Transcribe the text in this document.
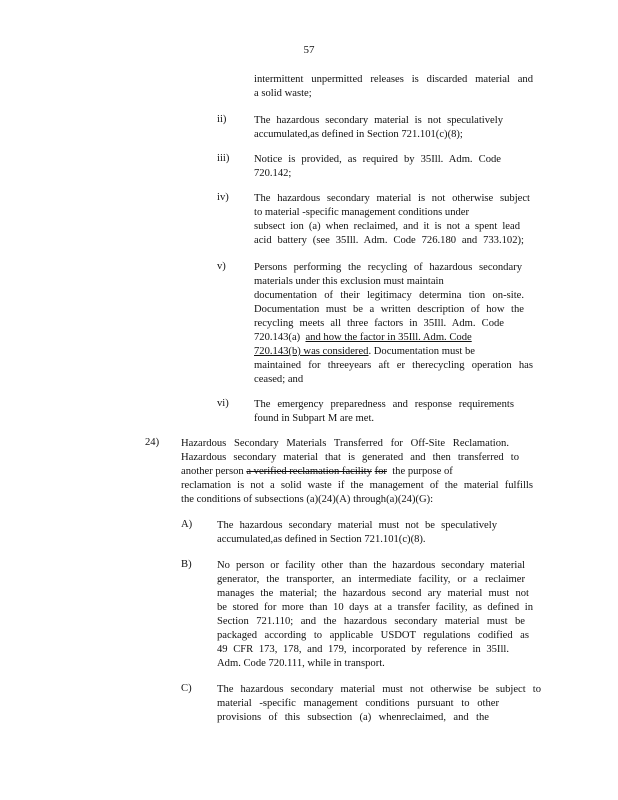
57
intermittent unpermitted releases is discarded material and
a solid waste;
ii)	The hazardous secondary material is not speculatively
accumulated,as defined in Section 721.101(c)(8);
iii) Notice is provided, as required by 35Ill. Adm. Code
720.142;
iv) The hazardous secondary material is not otherwise subject
to material -specific management conditions under
subsect ion (a) when reclaimed, and it is not a spent lead
acid battery (see 35Ill. Adm. Code 726.180 and 733.102);
v)	Persons performing the recycling of hazardous secondary
materials under this exclusion must maintain
documentation of their legitimacy determina tion on-site.
Documentation must be a written description of how the
recycling meets all three factors in 35Ill. Adm. Code
720.143(a) and how the factor in 35Ill. Adm. Code
720.143(b) was considered. Documentation must be
maintained for threeyears aft er therecycling operation has
ceased; and
vi) The emergency preparedness and response requirements
found in Subpart M are met.
24) Hazardous Secondary Materials Transferred for Off-Site Reclamation.
Hazardous secondary material that is generated and then transferred to
another person a verified reclamation facility for the purpose of
reclamation is not a solid waste if the management of the material fulfills
the conditions of subsections (a)(24)(A) through(a)(24)(G):
A) The hazardous secondary material must not be speculatively
accumulated,as defined in Section 721.101(c)(8).
B) No person or facility other than the hazardous secondary material
generator, the transporter, an intermediate facility, or a reclaimer
manages the material; the hazardous second ary material must not
be stored for more than 10 days at a transfer facility, as defined in
Section 721.110; and the hazardous secondary material must be
packaged according to applicable USDOT regulations codified as
49 CFR 173, 178, and 179, incorporated by reference in 35Ill.
Adm. Code 720.111, while in transport.
C) The hazardous secondary material must not otherwise be subject to
material -specific management conditions pursuant to other
provisions of this subsection (a) whenreclaimed, and the
